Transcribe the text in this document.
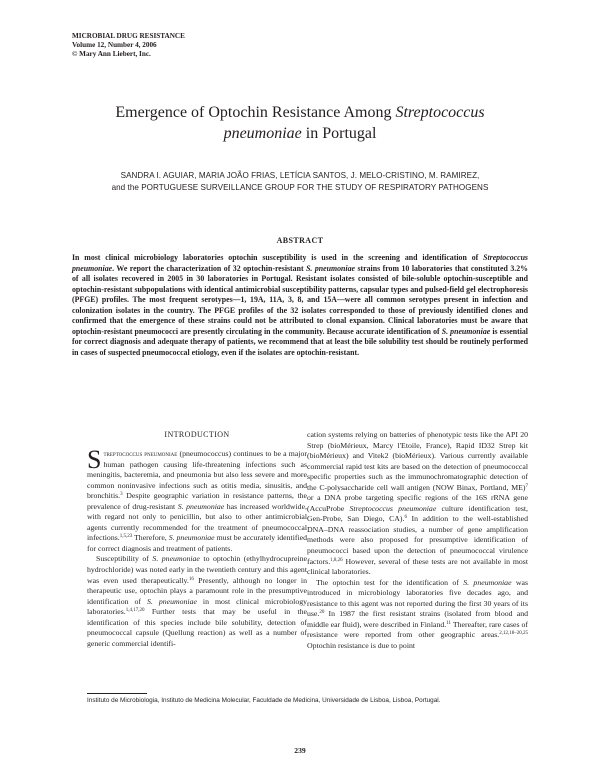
MICROBIAL DRUG RESISTANCE
Volume 12, Number 4, 2006
© Mary Ann Liebert, Inc.
Emergence of Optochin Resistance Among Streptococcus
pneumoniae in Portugal
SANDRA I. AGUIAR, MARIA JOÃO FRIAS, LETÍCIA SANTOS, J. MELO-CRISTINO, M. RAMIREZ,
and the PORTUGUESE SURVEILLANCE GROUP FOR THE STUDY OF RESPIRATORY PATHOGENS
ABSTRACT
In most clinical microbiology laboratories optochin susceptibility is used in the screening and identification of Streptococcus pneumoniae. We report the characterization of 32 optochin-resistant S. pneumoniae strains from 10 laboratories that constituted 3.2% of all isolates recovered in 2005 in 30 laboratories in Portugal. Resistant isolates consisted of bile-soluble optochin-susceptible and optochin-resistant subpopulations with identical antimicrobial susceptibility patterns, capsular types and pulsed-field gel electrophoresis (PFGE) profiles. The most frequent serotypes—1, 19A, 11A, 3, 8, and 15A—were all common serotypes present in infection and colonization isolates in the country. The PFGE profiles of the 32 isolates corresponded to those of previously identified clones and confirmed that the emergence of these strains could not be attributed to clonal expansion. Clinical laboratories must be aware that optochin-resistant pneumococci are presently circulating in the community. Because accurate identification of S. pneumoniae is essential for correct diagnosis and adequate therapy of patients, we recommend that at least the bile solubility test should be routinely performed in cases of suspected pneumococcal etiology, even if the isolates are optochin-resistant.
INTRODUCTION

Streptococcus pneumoniae (pneumococcus) continues to be a major human pathogen causing life-threatening infections such as meningitis, bacteremia, and pneumonia but also less severe and more common noninvasive infections such as otitis media, sinusitis, and bronchitis.$^3$ Despite geographic variation in resistance patterns, the prevalence of drug-resistant S. pneumoniae has increased worldwide, with regard not only to penicillin, but also to other antimicrobial agents currently recommended for the treatment of pneumococcal infections.$^{1,5,23}$ Therefore, S. pneumoniae must be accurately identified for correct diagnosis and treatment of patients.

Susceptibility of S. pneumoniae to optochin (ethylhydrocupreine hydrochloride) was noted early in the twentieth century and this agent was even used therapeutically.$^{16}$ Presently, although no longer in therapeutic use, optochin plays a paramount role in the presumptive identification of S. pneumoniae in most clinical microbiology laboratories.$^{1,4,17,20}$ Further tests that may be useful in the identification of this species include bile solubility, detection of pneumococcal capsule (Quellung reaction) as well as a number of generic commercial identifi-

cation systems relying on batteries of phenotypic tests like the API 20 Strep (bioMérieux, Marcy l'Etoile, France), Rapid ID32 Strep kit (bioMérieux) and Vitek2 (bioMérieux). Various currently available commercial rapid test kits are based on the detection of pneumococcal specific properties such as the immunochromatographic detection of the C-polysaccharide cell wall antigen (NOW Binax, Portland, ME)$^7$ or a DNA probe targeting specific regions of the 16S rRNA gene (AccuProbe Streptococcus pneumoniae culture identification test, Gen-Probe, San Diego, CA).$^6$ In addition to the well-established DNA–DNA reassociation studies, a number of gene amplification methods were also proposed for presumptive identification of pneumococci based upon the detection of pneumococcal virulence factors.$^{1,8,26}$ However, several of these tests are not available in most clinical laboratories.

The optochin test for the identification of S. pneumoniae was introduced in microbiology laboratories five decades ago, and resistance to this agent was not reported during the first 30 years of its use.$^{20}$ In 1987 the first resistant strains (isolated from blood and middle ear fluid), were described in Finland.$^{11}$ Thereafter, rare cases of resistance were reported from other geographic areas.$^{2,12,18-20,25}$ Optochin resistance is due to point

Instituto de Microbiologia, Instituto de Medicina Molecular, Faculdade de Medicina, Universidade de Lisboa, Lisboa, Portugal.
239
